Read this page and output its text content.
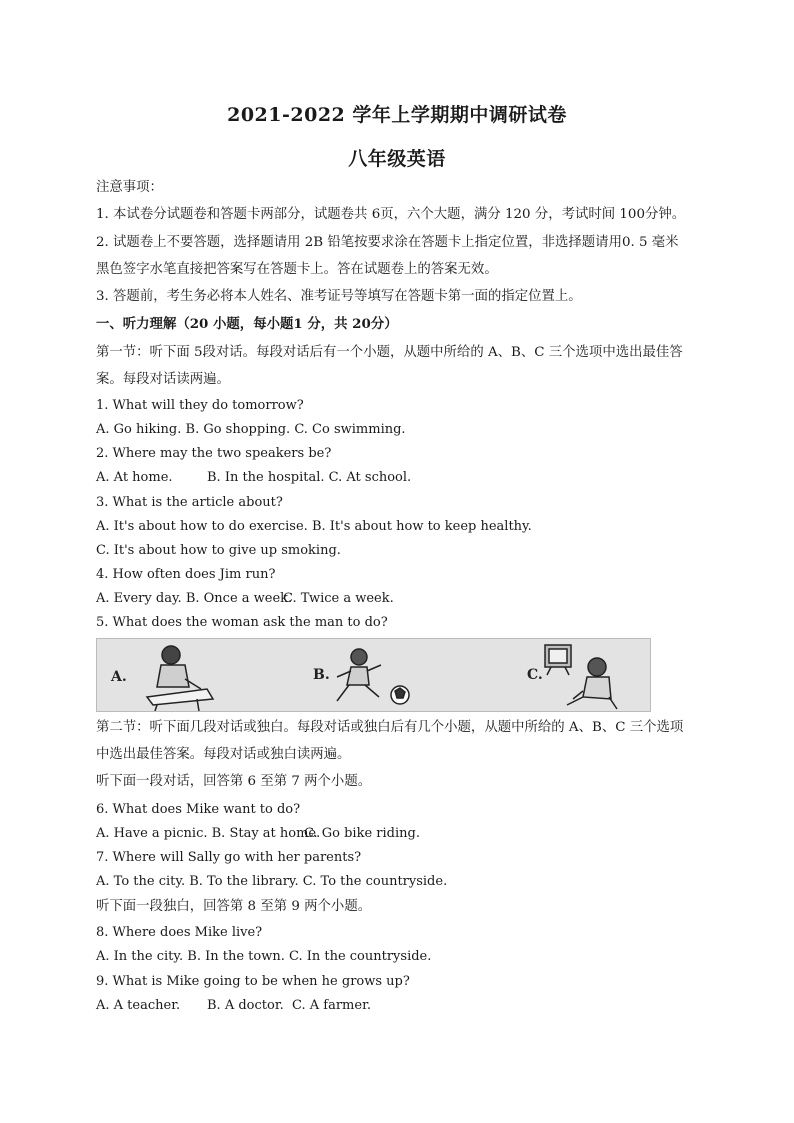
2021-2022 学年上学期期中调研试卷
八年级英语
注意事项：
1. 本试卷分试题卷和答题卡两部分，试题卷共 6页，六个大题，满分 120 分，考试时间 100分钟。
2. 试题卷上不要答题，选择题请用 2B 铅笔按要求涂在答题卡上指定位置，非选择题请用0. 5 毫米
黑色签字水笔直接把答案写在答题卡上。答在试题卷上的答案无效。
3. 答题前，考生务必将本人姓名、准考证号等填写在答题卡第一面的指定位置上。
一、听力理解（20 小题，每小题1 分，共 20分）
第一节：听下面 5段对话。每段对话后有一个小题，从题中所给的 A、B、C 三个选项中选出最佳答
案。每段对话读两遍。
1. What will they do tomorrow?
A. Go hiking. B. Go shopping. C. Co swimming.
2. Where may the two speakers be?
A. At home.	B. In the hospital. C. At school.
3. What is the article about?
A. It's about how to do exercise. B. It's about how to keep healthy.
C. It's about how to give up smoking.
4. How often does Jim run?
A. Every day. B. Once a week.C. Twice a week.
5. What does the woman ask the man to do?
A.	B.	C.
第二节：听下面几段对话或独白。每段对话或独白后有几个小题，从题中所给的 A、B、C 三个选项
中选出最佳答案。每段对话或独白读两遍。
听下面一段对话，回答第 6 至第 7 两个小题。
6. What does Mike want to do?
A. Have a picnic. B. Stay at home.C. Go bike riding.
7. Where will Sally go with her parents?
A. To the city. B. To the library. C. To the countryside.
听下面一段独白，回答第 8 至第 9 两个小题。
8. Where does Mike live?
A. In the city. B. In the town. C. In the countryside.
9. What is Mike going to be when he grows up?
A. A teacher. B. A doctor. C. A farmer.
